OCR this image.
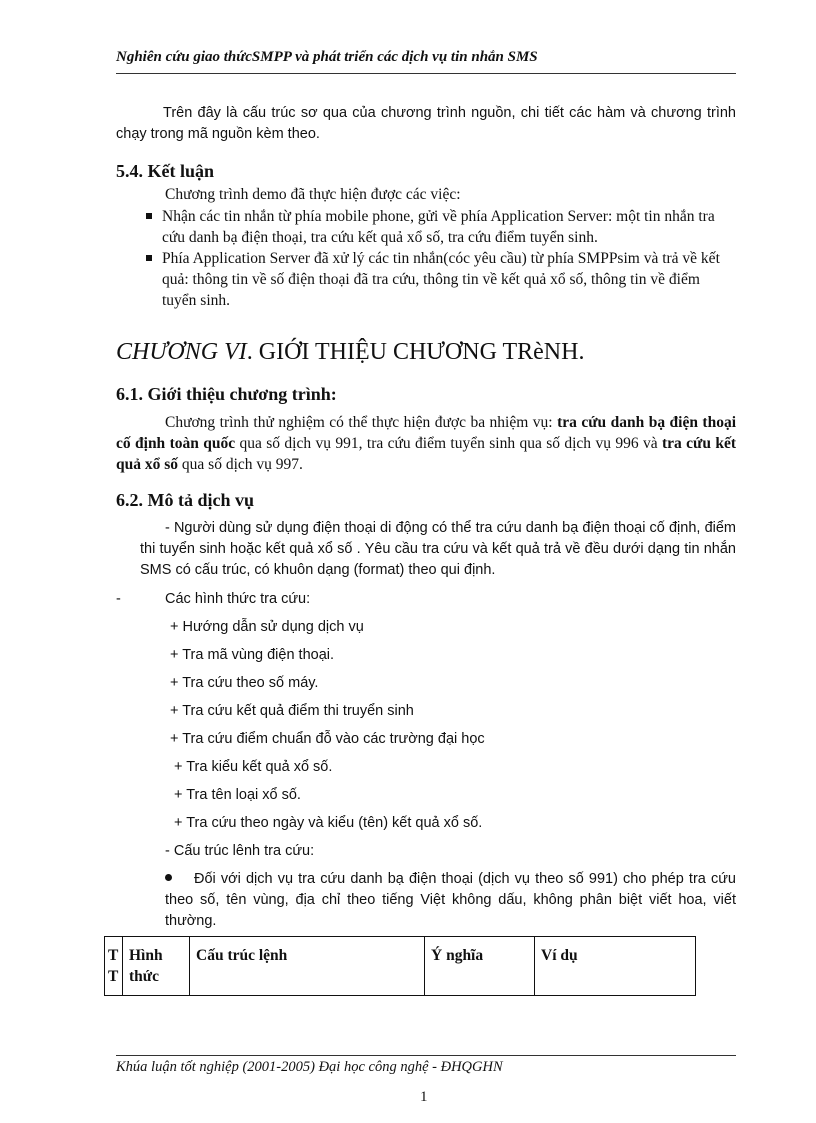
Nghiên cứu giao thứcSMPP và phát triển các dịch vụ tin nhắn SMS
Trên đây là cấu trúc sơ qua của chương trình nguồn, chi tiết các hàm và chương trình chạy trong mã nguồn kèm theo.
5.4. Kết luận
Chương trình demo đã thực hiện được các việc:
Nhận các tin nhắn từ phía mobile phone, gửi về phía Application Server: một tin nhắn tra cứu danh bạ điện thoại, tra cứu kết quả xổ số, tra cứu điểm tuyển sinh.
Phía Application Server đã xử lý các tin nhắn(cóc yêu cầu) từ phía SMPPsim và trả về kết quả: thông tin về số điện thoại đã tra cứu, thông tin về kết quả xổ số, thông tin về điểm tuyển sinh.
CHƯƠNG VI. GIỚI THIỆU CHƯƠNG TRèNH.
6.1. Giới thiệu chương trình:
Chương trình thử nghiệm có thể thực hiện được ba nhiệm vụ: tra cứu danh bạ điện thoại cố định toàn quốc qua số dịch vụ 991, tra cứu điểm tuyển sinh qua số dịch vụ 996 và tra cứu kết quả xổ số qua số dịch vụ 997.
6.2. Mô tả dịch vụ
- Người dùng sử dụng điện thoại di động có thể tra cứu danh bạ điện thoại cố định, điểm thi tuyển sinh hoặc kết quả xổ số . Yêu cầu tra cứu và kết quả trả về đều dưới dạng tin nhắn SMS có cấu trúc, có khuôn dạng (format) theo qui định.
-	Các hình thức tra cứu:
+ Hướng dẫn sử dụng dịch vụ
+ Tra mã vùng điện thoại.
+ Tra cứu theo số máy.
+ Tra cứu kết quả điểm thi truyển sinh
+ Tra cứu điểm chuẩn đỗ vào các trường đại học
+ Tra kiểu kết quả xổ số.
+ Tra tên loại xổ số.
+ Tra cứu theo ngày và kiểu (tên) kết quả xổ số.
- Cấu trúc lênh tra cứu:
Đối với dịch vụ tra cứu danh bạ điện thoại (dịch vụ theo số 991) cho phép tra cứu theo số, tên vùng, địa chỉ theo tiếng Việt không dấu, không phân biệt viết hoa, viết thường.
T T	Hình thức	Cấu trúc lệnh	Ý nghĩa	Ví dụ
Khúa luận tốt nghiệp (2001-2005) Đại học công nghệ - ĐHQGHN
1
